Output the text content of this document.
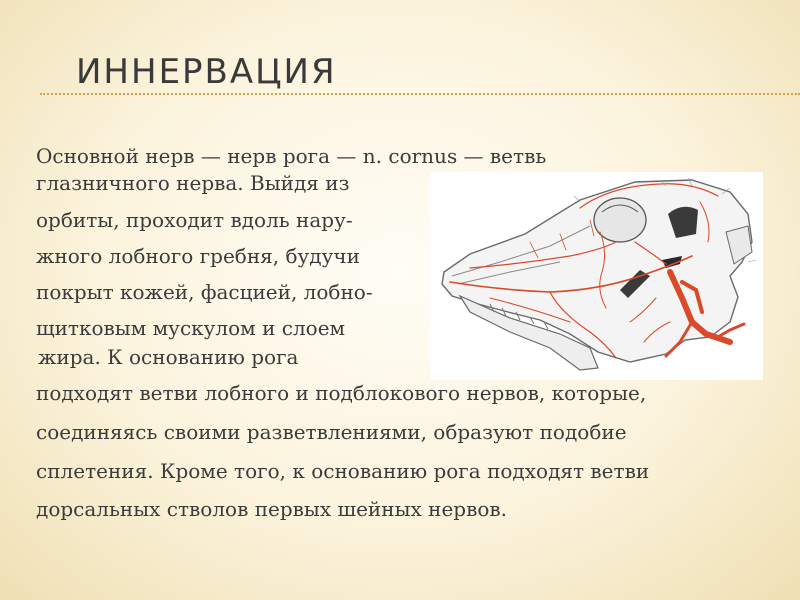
ИННЕРВАЦИЯ
Основной нерв — нерв рога — n. cornus — ветвь
глазничного нерва. Выйдя из
орбиты, проходит вдоль нару-
жного лобного гребня, будучи
покрыт кожей, фасцией, лобно-
щитковым мускулом и слоем
жира. К основанию рога
подходят ветви лобного и подблокового нервов, которые,
соединяясь своими разветвлениями, образуют подобие
сплетения. Кроме того, к основанию рога подходят ветви
дорсальных стволов первых шейных нервов.
